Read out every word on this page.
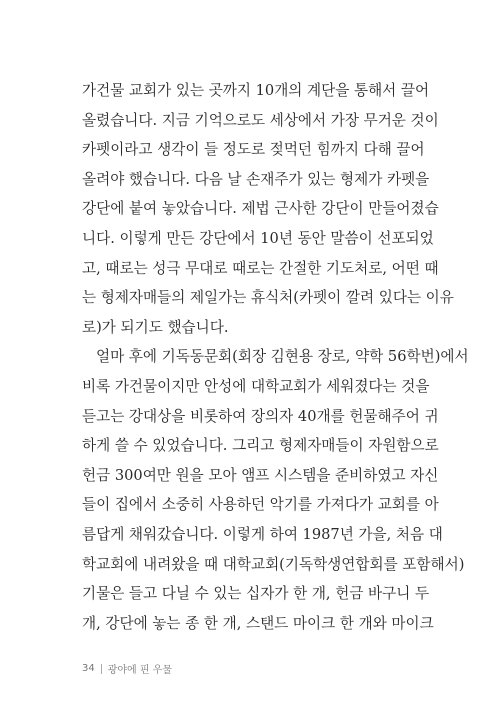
가건물 교회가 있는 곳까지 10개의 계단을 통해서 끌어
올렸습니다. 지금 기억으로도 세상에서 가장 무거운 것이
카펫이라고 생각이 들 정도로 젖먹던 힘까지 다해 끌어
올려야 했습니다. 다음 날 손재주가 있는 형제가 카펫을
강단에 붙여 놓았습니다. 제법 근사한 강단이 만들어졌습
니다. 이렇게 만든 강단에서 10년 동안 말씀이 선포되었
고, 때로는 성극 무대로 때로는 간절한 기도처로, 어떤 때
는 형제자매들의 제일가는 휴식처(카펫이 깔려 있다는 이유
로)가 되기도 했습니다.
얼마 후에 기독동문회(회장 김현용 장로, 약학 56학번)에서
비록 가건물이지만 안성에 대학교회가 세워졌다는 것을
듣고는 강대상을 비롯하여 장의자 40개를 헌물해주어 귀
하게 쓸 수 있었습니다. 그리고 형제자매들이 자원함으로
헌금 300여만 원을 모아 앰프 시스템을 준비하였고 자신
들이 집에서 소중히 사용하던 악기를 가져다가 교회를 아
름답게 채워갔습니다. 이렇게 하여 1987년 가을, 처음 대
학교회에 내려왔을 때 대학교회(기독학생연합회를 포함해서)
기물은 들고 다닐 수 있는 십자가 한 개, 헌금 바구니 두
개, 강단에 놓는 종 한 개, 스탠드 마이크 한 개와 마이크
34 광야에 핀 우물
